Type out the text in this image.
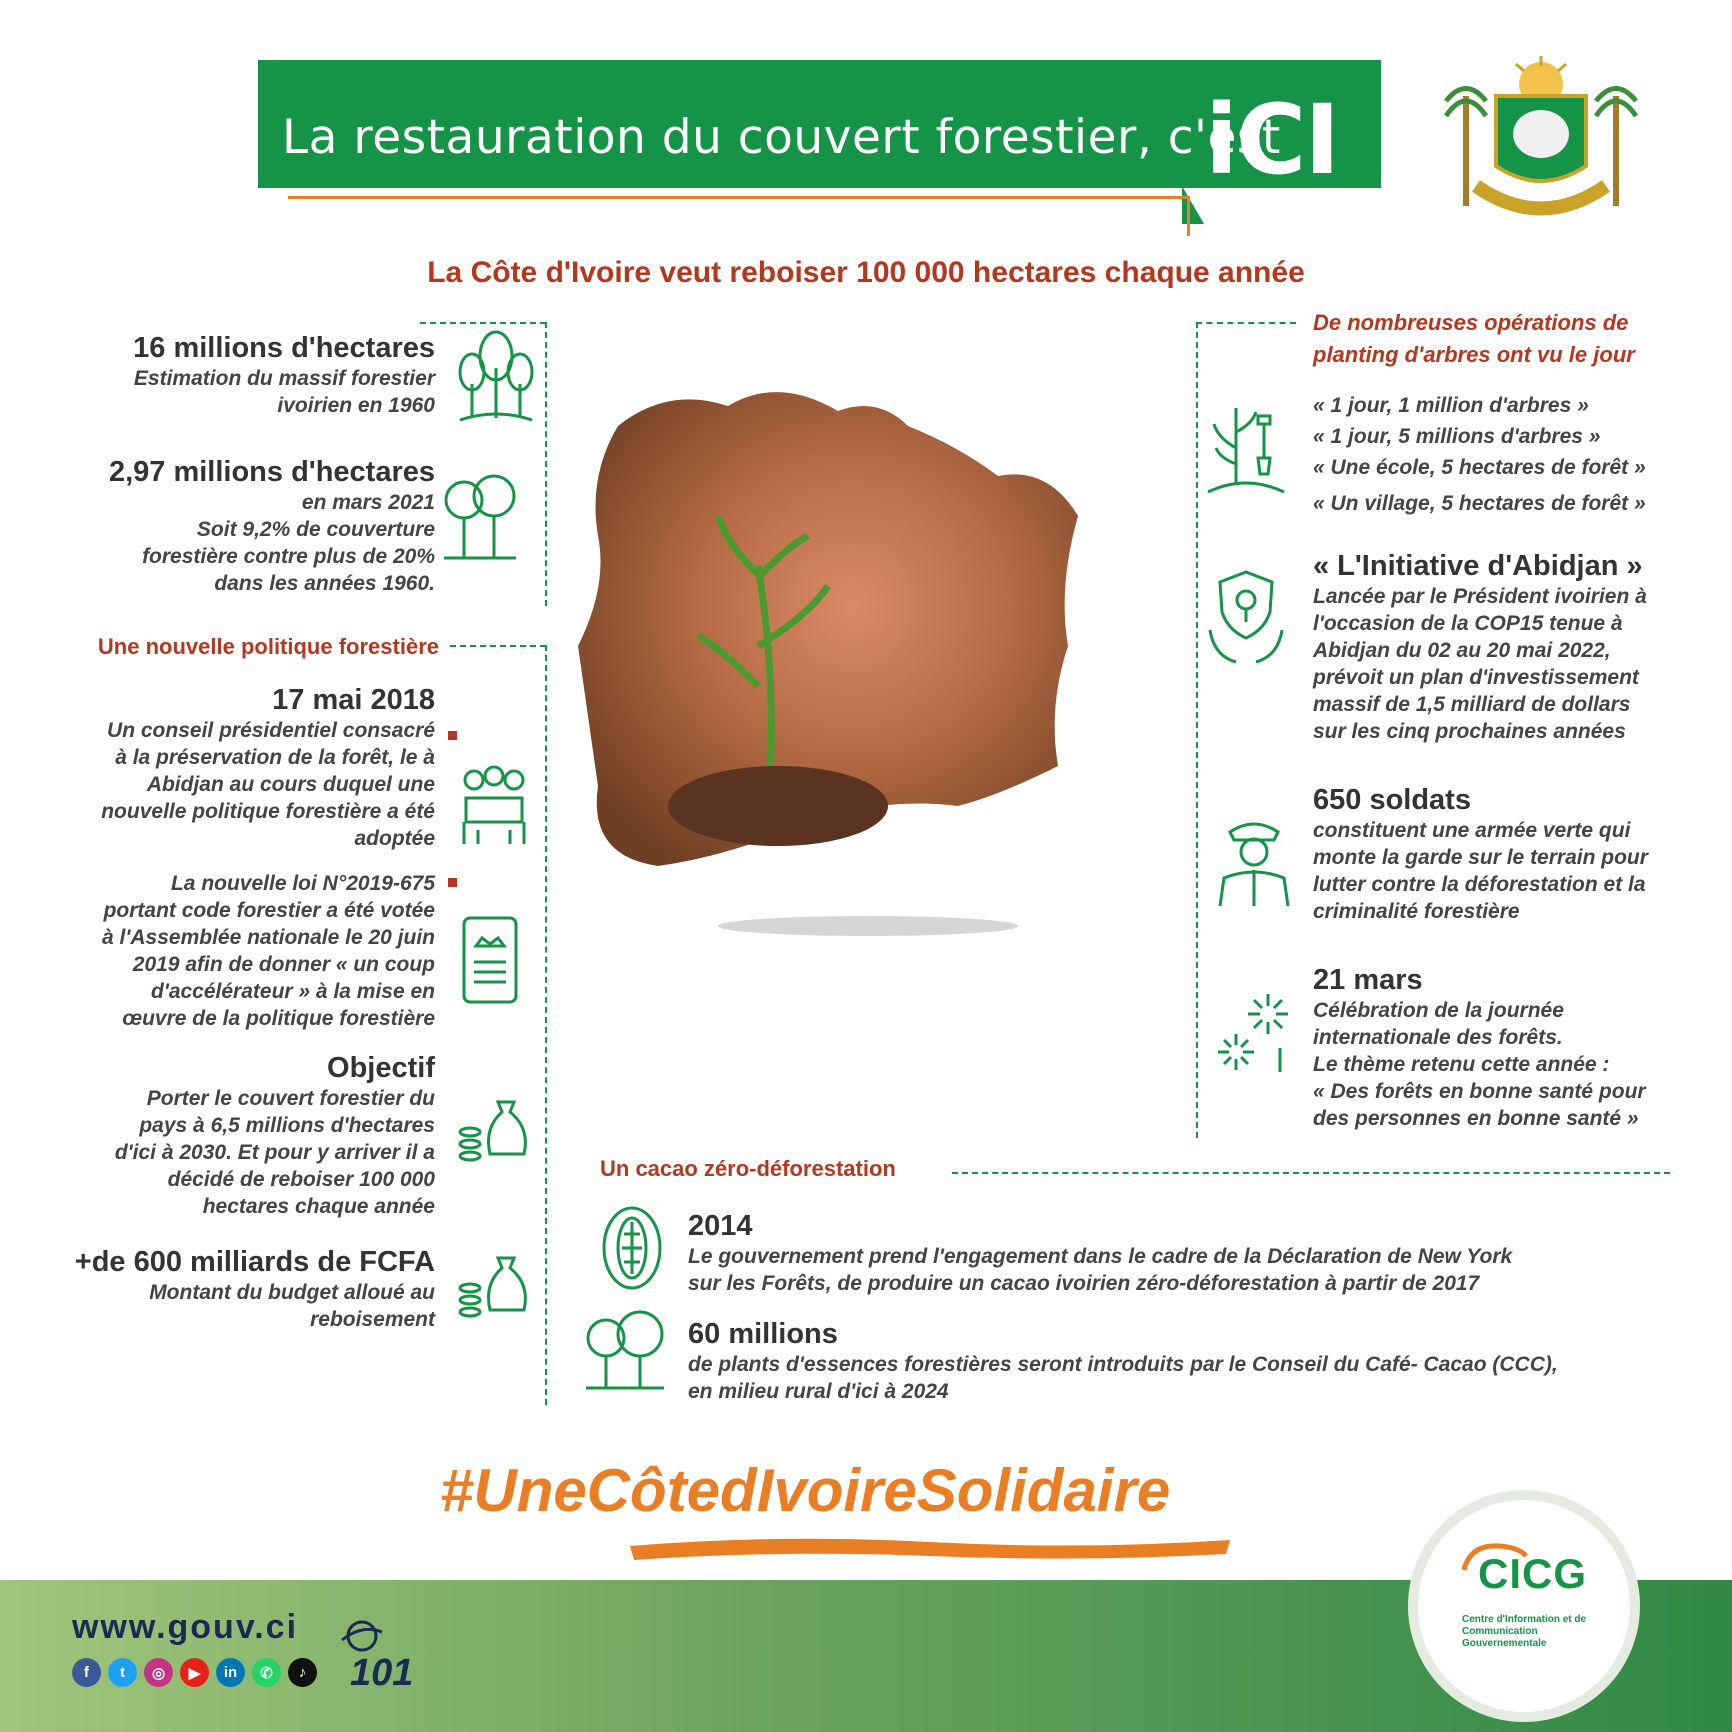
La restauration du couvert forestier, c'est
iCI
La Côte d'Ivoire veut reboiser 100 000 hectares chaque année
16 millions d'hectares
Estimation du massif forestier
ivoirien en 1960
2,97 millions d'hectares
en mars 2021
Soit 9,2% de couverture
forestière contre plus de 20%
dans les années 1960.
Une nouvelle politique forestière
17 mai 2018
Un conseil présidentiel consacré
à la préservation de la forêt, le à
Abidjan au cours duquel une
nouvelle politique forestière a été
adoptée
La nouvelle loi N°2019-675
portant code forestier a été votée
à l'Assemblée nationale le 20 juin
2019 afin de donner « un coup
d'accélérateur » à la mise en
œuvre de la politique forestière
Objectif
Porter le couvert forestier du
pays à 6,5 millions d'hectares
d'ici à 2030. Et pour y arriver il a
décidé de reboiser 100 000
hectares chaque année
+de 600 milliards de FCFA
Montant du budget alloué au
reboisement
De nombreuses opérations de
planting d'arbres ont vu le jour
« 1 jour, 1 million d'arbres »
« 1 jour, 5 millions d'arbres »
« Une école, 5 hectares de forêt »
« Un village, 5 hectares de forêt »
« L'Initiative d'Abidjan »
Lancée par le Président ivoirien à
l'occasion de la COP15 tenue à
Abidjan du 02 au 20 mai 2022,
prévoit un plan d'investissement
massif de 1,5 milliard de dollars
sur les cinq prochaines années
650 soldats
constituent une armée verte qui
monte la garde sur le terrain pour
lutter contre la déforestation et la
criminalité forestière
21 mars
Célébration de la journée
internationale des forêts.
Le thème retenu cette année :
« Des forêts en bonne santé pour
des personnes en bonne santé »
Un cacao zéro-déforestation
2014
Le gouvernement prend l'engagement dans le cadre de la Déclaration de New York
sur les Forêts, de produire un cacao ivoirien zéro-déforestation à partir de 2017
60 millions
de plants d'essences forestières seront introduits par le Conseil du Café- Cacao (CCC),
en milieu rural d'ici à 2024
#UneCôtedIvoireSolidaire
www.gouv.ci
101
f	t	◎	▶	in	✆	♪
CICG
Centre d'Information et de Communication Gouvernementale
